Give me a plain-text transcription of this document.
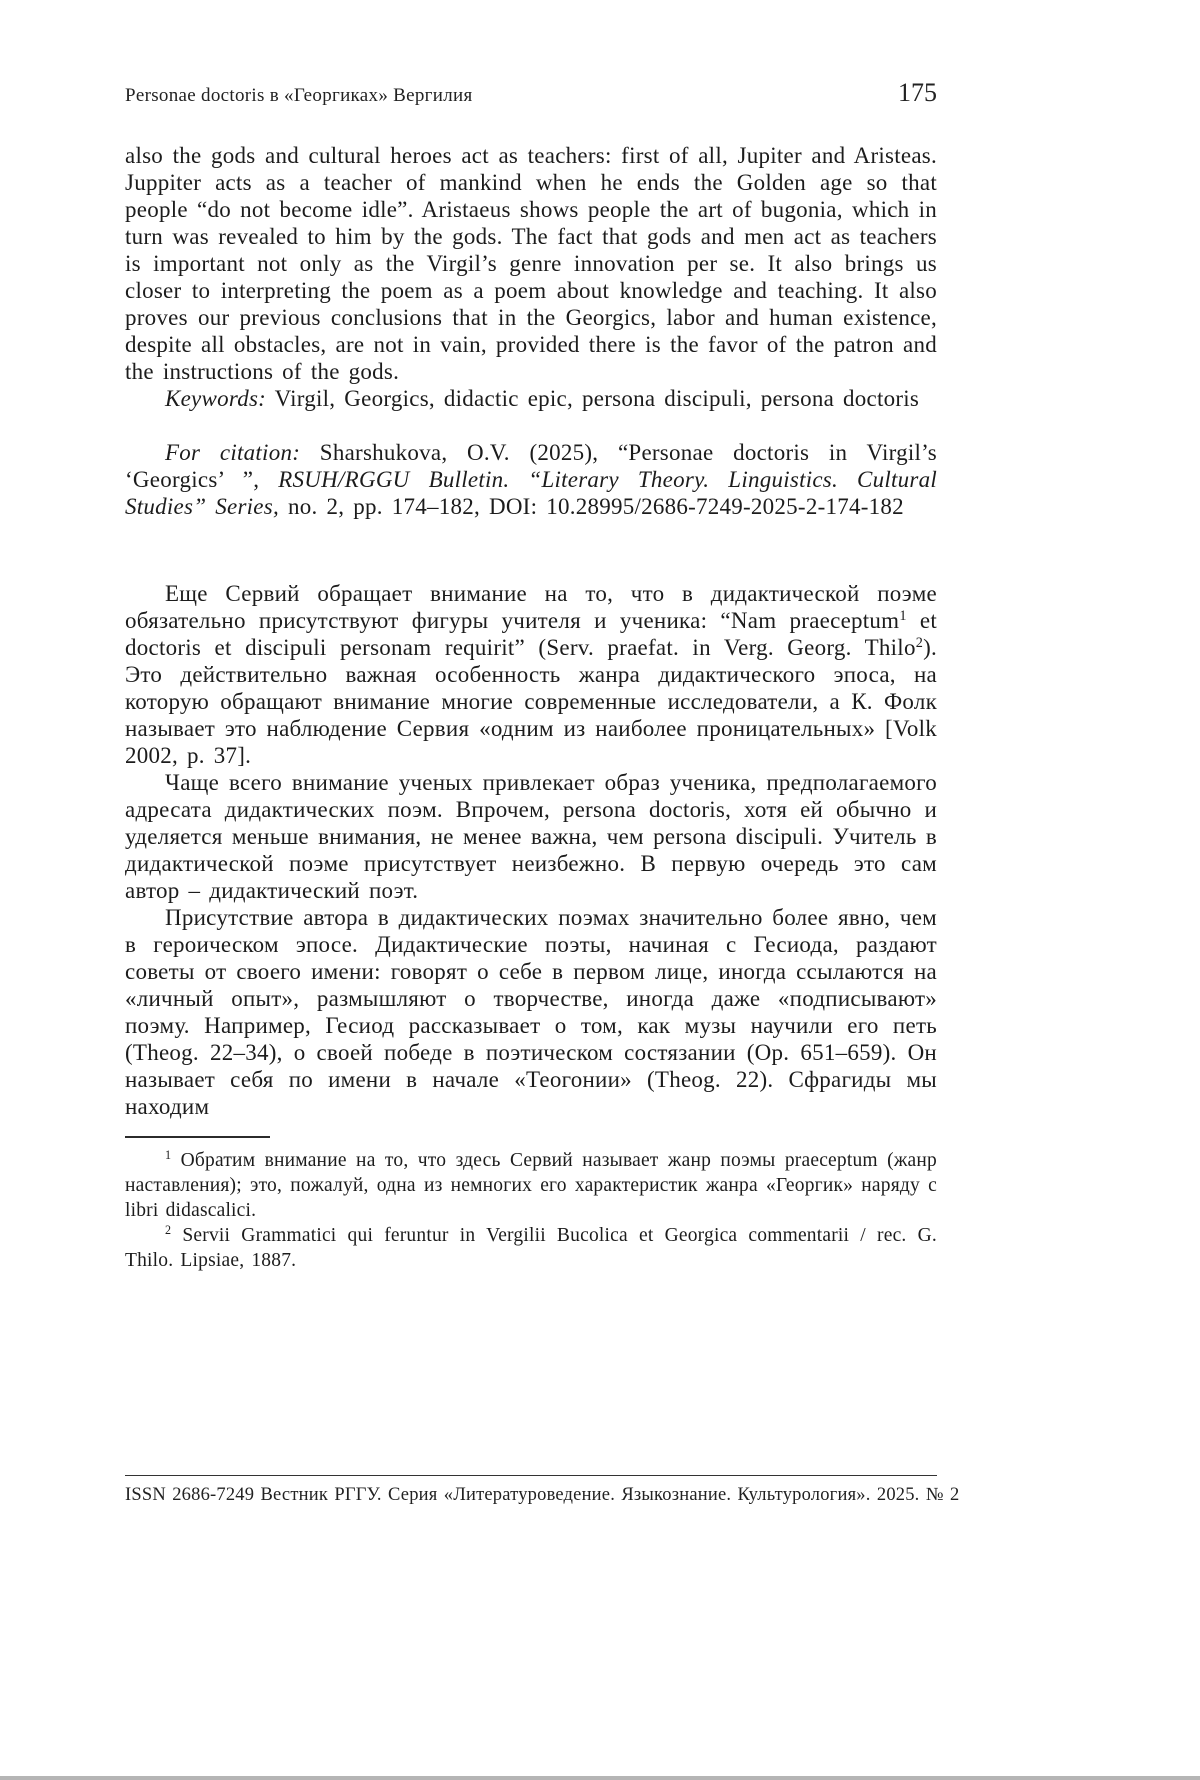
Personae doctoris в «Георгиках» Вергилия	175

also the gods and cultural heroes act as teachers: first of all, Jupiter and Aristeas. Juppiter acts as a teacher of mankind when he ends the Golden age so that people “do not become idle”. Aristaeus shows people the art of bugonia, which in turn was revealed to him by the gods. The fact that gods and men act as teachers is important not only as the Virgil’s genre innovation per se. It also brings us closer to interpreting the poem as a poem about knowledge and teaching. It also proves our previous conclusions that in the Georgics, labor and human existence, despite all obstacles, are not in vain, provided there is the favor of the patron and the instructions of the gods.

Keywords: Virgil, Georgics, didactic epic, persona discipuli, persona doctoris

For citation: Sharshukova, O.V. (2025), “Personae doctoris in Virgil’s ‘Georgics’ ”, RSUH/RGGU Bulletin. “Literary Theory. Linguistics. Cultural Studies” Series, no. 2, pp. 174–182, DOI: 10.28995/2686-7249-2025-2-174-182

Еще Сервий обращает внимание на то, что в дидактической поэме обязательно присутствуют фигуры учителя и ученика: “Nam praeceptum$^1$ et doctoris et discipuli personam requirit” (Serv. praefat. in Verg. Georg. Thilo$^2$). Это действительно важная особенность жанра дидактического эпоса, на которую обращают внимание многие современные исследователи, а К. Фолк называет это наблюдение Сервия «одним из наиболее проницательных» [Volk 2002, p. 37].

Чаще всего внимание ученых привлекает образ ученика, предполагаемого адресата дидактических поэм. Впрочем, persona doctoris, хотя ей обычно и уделяется меньше внимания, не менее важна, чем persona discipuli. Учитель в дидактической поэме присутствует неизбежно. В первую очередь это сам автор – дидактический поэт.

Присутствие автора в дидактических поэмах значительно более явно, чем в героическом эпосе. Дидактические поэты, начиная с Гесиода, раздают советы от своего имени: говорят о себе в первом лице, иногда ссылаются на «личный опыт», размышляют о творчестве, иногда даже «подписывают» поэму. Например, Гесиод рассказывает о том, как музы научили его петь (Theog. 22–34), о своей победе в поэтическом состязании (Op. 651–659). Он называет себя по имени в начале «Теогонии» (Theog. 22). Сфрагиды мы находим

$^1$ Обратим внимание на то, что здесь Сервий называет жанр поэмы praeceptum (жанр наставления); это, пожалуй, одна из немногих его характеристик жанра «Георгик» наряду с libri didascalici.

$^2$ Servii Grammatici qui feruntur in Vergilii Bucolica et Georgica commentarii / rec. G. Thilo. Lipsiae, 1887.

ISSN 2686-7249 Вестник РГГУ. Серия «Литературоведение. Языкознание. Культурология». 2025. № 2
